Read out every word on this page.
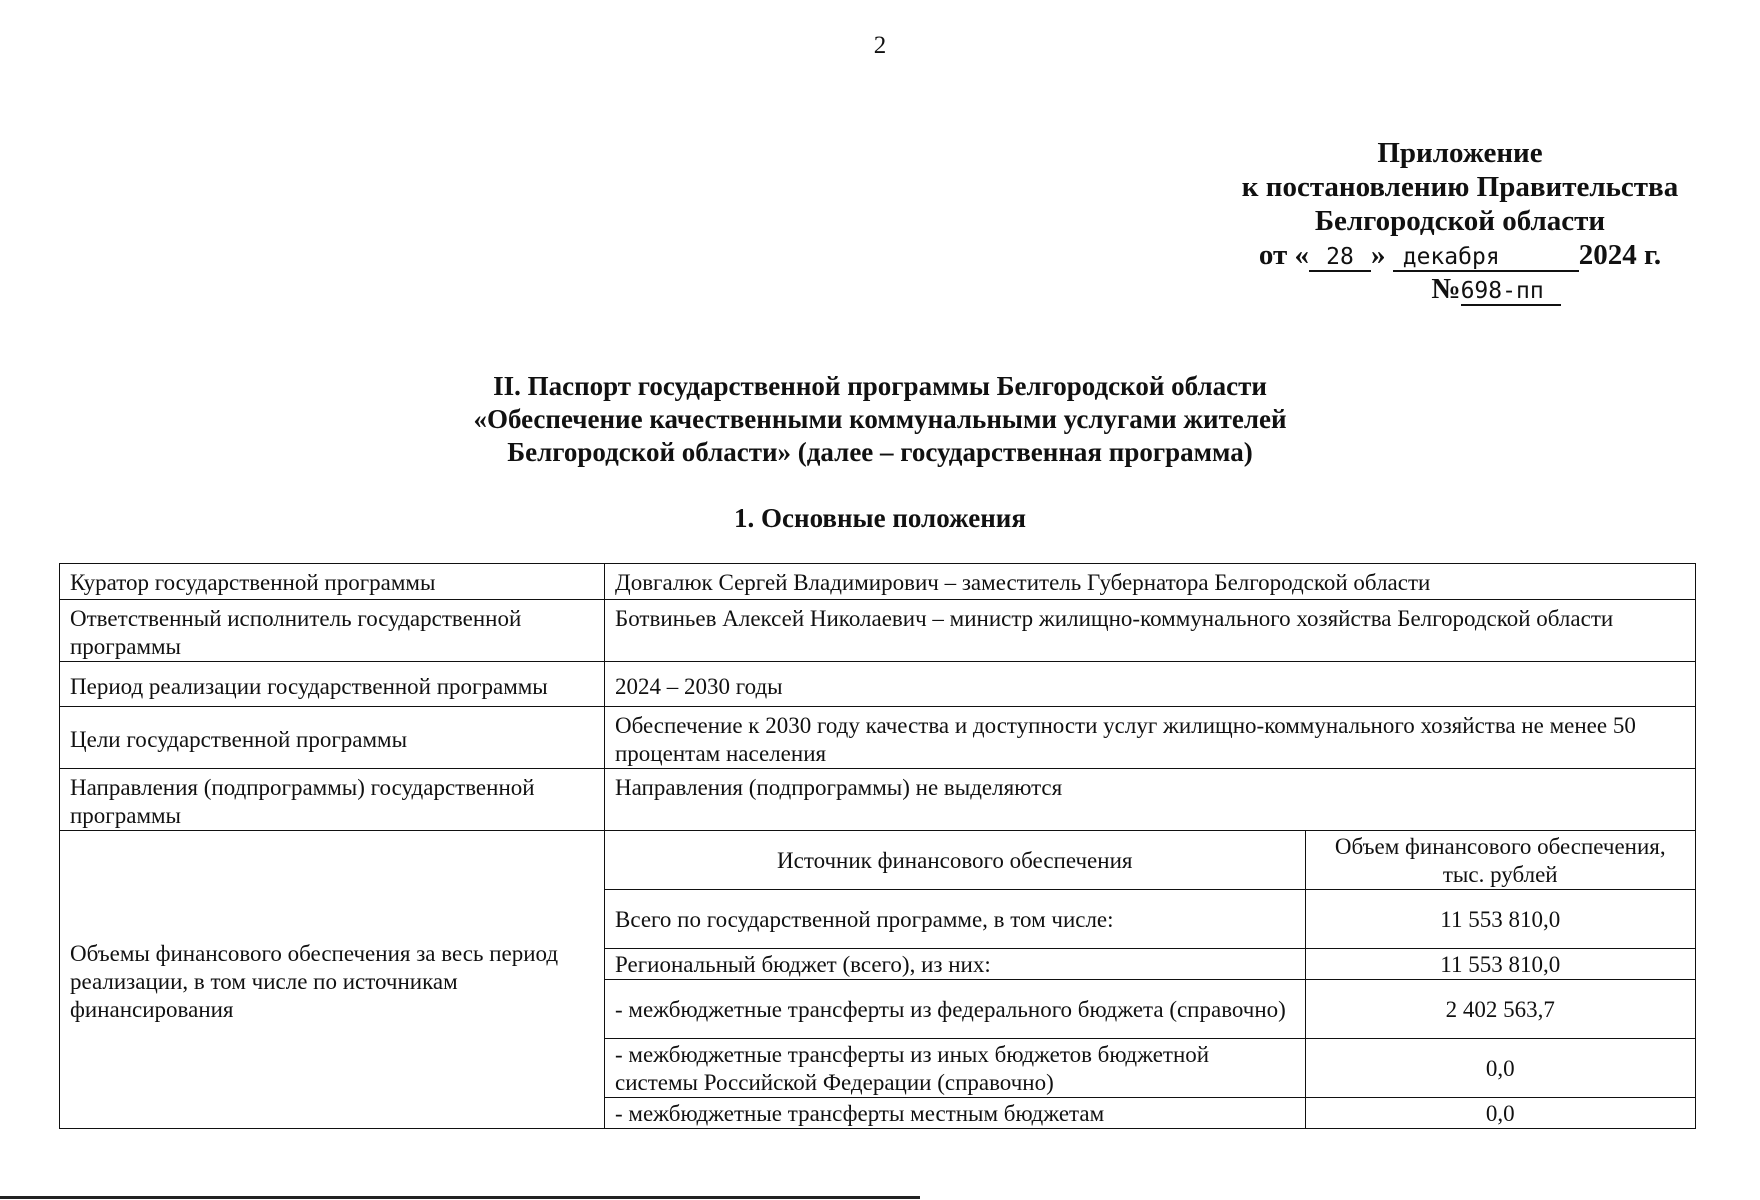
2
Приложение
к постановлению Правительства
Белгородской области
от « 28 » декабря	2024 г.
№698-пп
II. Паспорт государственной программы Белгородской области
«Обеспечение качественными коммунальными услугами жителей
Белгородской области» (далее – государственная программа)
1. Основные положения
Куратор государственной программы	Довгалюк Сергей Владимирович – заместитель Губернатора Белгородской области
Ответственный исполнитель государственной программы	Ботвиньев Алексей Николаевич – министр жилищно-коммунального хозяйства Белгородской области
Период реализации государственной программы	2024 – 2030 годы
Цели государственной программы	Обеспечение к 2030 году качества и доступности услуг жилищно-коммунального хозяйства не менее 50 процентам населения
Направления (подпрограммы) государственной программы	Направления (подпрограммы) не выделяются
Объемы финансового обеспечения за весь период реализации, в том числе по источникам финансирования	
Источник финансового обеспечения	Объем финансового обеспечения, тыс. рублей
Всего по государственной программе, в том числе:	11 553 810,0
Региональный бюджет (всего), из них:	11 553 810,0
- межбюджетные трансферты из федерального бюджета (справочно)	2 402 563,7
- межбюджетные трансферты из иных бюджетов бюджетной системы Российской Федерации (справочно)	0,0
- межбюджетные трансферты местным бюджетам	0,0
